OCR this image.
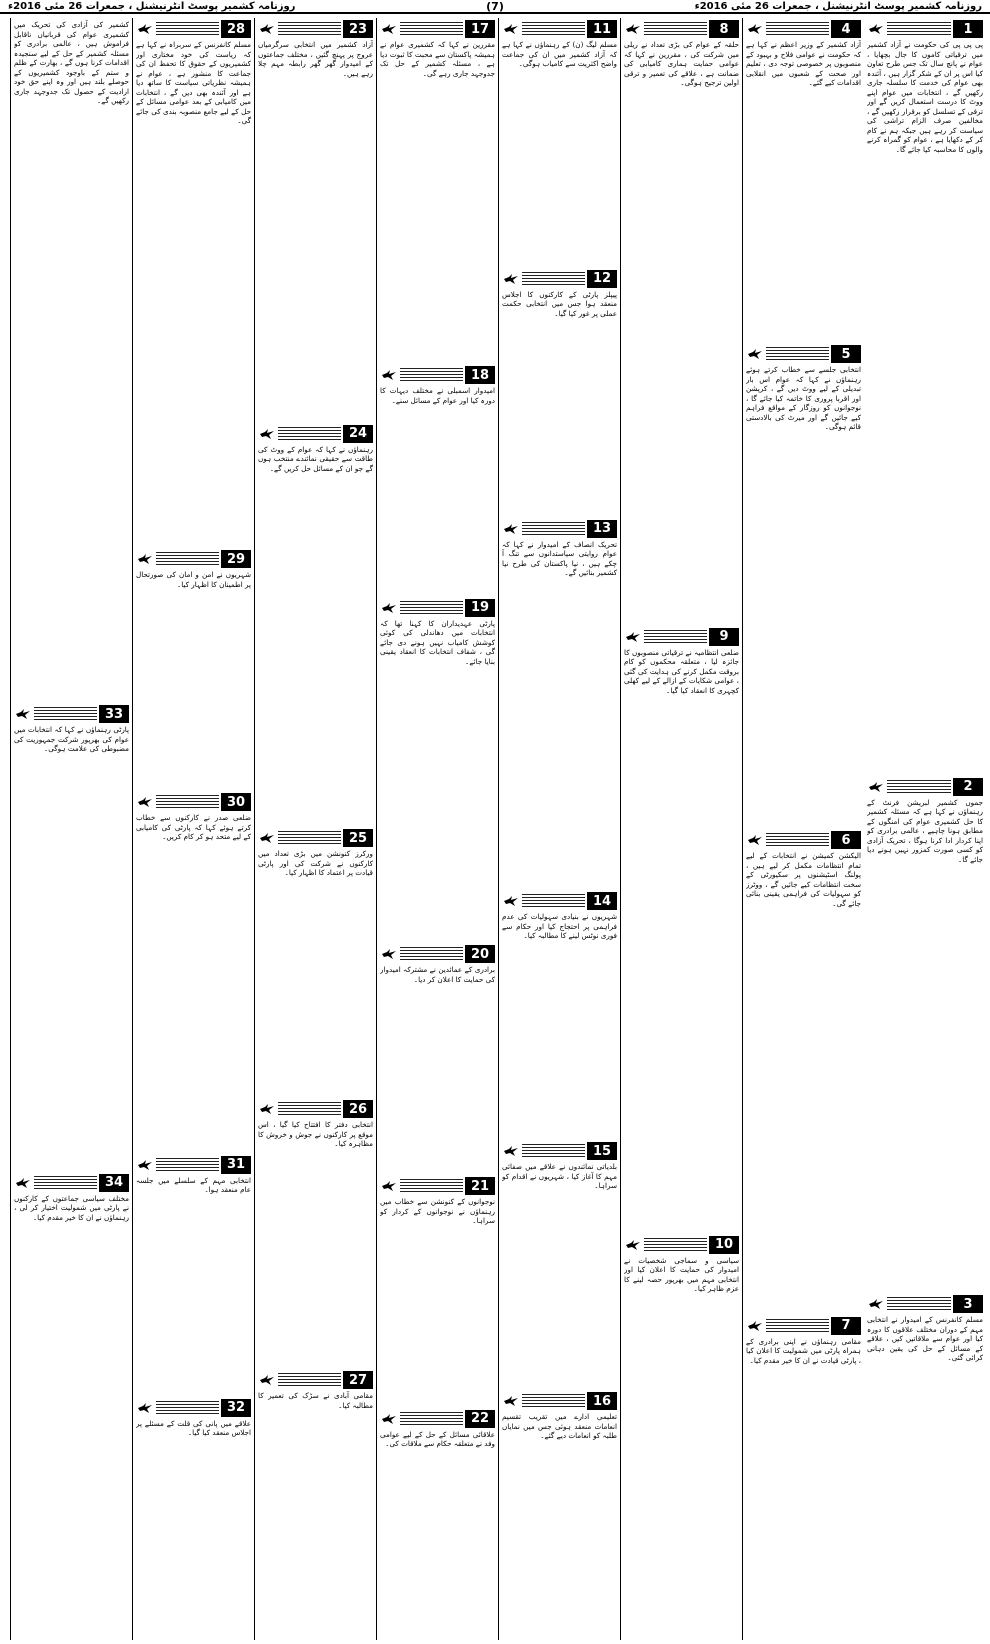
روزنامہ کشمیر پوسٹ انٹرنیشنل ، جمعرات 26 مئی 2016ء	(7)	روزنامہ کشمیر پوسٹ انٹرنیشنل ، جمعرات 26 مئی 2016ء
1
پی پی پی کی حکومت نے آزاد کشمیر میں ترقیاتی کاموں کا جال بچھایا ، عوام نے پانچ سال تک جس طرح تعاون کیا اس پر ان کے شکر گزار ہیں ، آئندہ بھی عوام کی خدمت کا سلسلہ جاری رکھیں گے ، انتخابات میں عوام اپنے ووٹ کا درست استعمال کریں گے اور ترقی کے تسلسل کو برقرار رکھیں گے ، مخالفین صرف الزام تراشی کی سیاست کر رہے ہیں جبکہ ہم نے کام کر کے دکھایا ہے ، عوام کو گمراہ کرنے والوں کا محاسبہ کیا جائے گا۔
2
جموں کشمیر لبریشن فرنٹ کے رہنماؤں نے کہا ہے کہ مسئلہ کشمیر کا حل کشمیری عوام کی امنگوں کے مطابق ہونا چاہیے ، عالمی برادری کو اپنا کردار ادا کرنا ہوگا ، تحریک آزادی کو کسی صورت کمزور نہیں ہونے دیا جائے گا۔
3
مسلم کانفرنس کے امیدوار نے انتخابی مہم کے دوران مختلف علاقوں کا دورہ کیا اور عوام سے ملاقاتیں کیں ، علاقے کے مسائل کے حل کی یقین دہانی کرائی گئی۔
4
آزاد کشمیر کے وزیر اعظم نے کہا ہے کہ حکومت نے عوامی فلاح و بہبود کے منصوبوں پر خصوصی توجہ دی ، تعلیم اور صحت کے شعبوں میں انقلابی اقدامات کیے گئے۔
5
انتخابی جلسے سے خطاب کرتے ہوئے رہنماؤں نے کہا کہ عوام اس بار تبدیلی کے لیے ووٹ دیں گے ، کرپشن اور اقربا پروری کا خاتمہ کیا جائے گا ، نوجوانوں کو روزگار کے مواقع فراہم کیے جائیں گے اور میرٹ کی بالادستی قائم ہوگی۔
6
الیکشن کمیشن نے انتخابات کے لیے تمام انتظامات مکمل کر لیے ہیں ، پولنگ اسٹیشنوں پر سکیورٹی کے سخت انتظامات کیے جائیں گے ، ووٹرز کو سہولیات کی فراہمی یقینی بنائی جائے گی۔
7
مقامی رہنماؤں نے اپنی برادری کے ہمراہ پارٹی میں شمولیت کا اعلان کیا ، پارٹی قیادت نے ان کا خیر مقدم کیا۔
8
حلقہ کے عوام کی بڑی تعداد نے ریلی میں شرکت کی ، مقررین نے کہا کہ عوامی حمایت ہماری کامیابی کی ضمانت ہے ، علاقے کی تعمیر و ترقی اولین ترجیح ہوگی۔
9
ضلعی انتظامیہ نے ترقیاتی منصوبوں کا جائزہ لیا ، متعلقہ محکموں کو کام بروقت مکمل کرنے کی ہدایت کی گئی ، عوامی شکایات کے ازالے کے لیے کھلی کچہری کا انعقاد کیا گیا۔
10
سیاسی و سماجی شخصیات نے امیدوار کی حمایت کا اعلان کیا اور انتخابی مہم میں بھرپور حصہ لینے کا عزم ظاہر کیا۔
11
مسلم لیگ (ن) کے رہنماؤں نے کہا ہے کہ آزاد کشمیر میں ان کی جماعت واضح اکثریت سے کامیاب ہوگی۔
12
پیپلز پارٹی کے کارکنوں کا اجلاس منعقد ہوا جس میں انتخابی حکمت عملی پر غور کیا گیا۔
13
تحریک انصاف کے امیدوار نے کہا کہ عوام روایتی سیاستدانوں سے تنگ آ چکے ہیں ، نیا پاکستان کی طرح نیا کشمیر بنائیں گے۔
14
شہریوں نے بنیادی سہولیات کی عدم فراہمی پر احتجاج کیا اور حکام سے فوری نوٹس لینے کا مطالبہ کیا۔
15
بلدیاتی نمائندوں نے علاقے میں صفائی مہم کا آغاز کیا ، شہریوں نے اقدام کو سراہا۔
16
تعلیمی ادارے میں تقریب تقسیم انعامات منعقد ہوئی جس میں نمایاں طلبہ کو انعامات دیے گئے۔
17
مقررین نے کہا کہ کشمیری عوام نے ہمیشہ پاکستان سے محبت کا ثبوت دیا ہے ، مسئلہ کشمیر کے حل تک جدوجہد جاری رہے گی۔
18
امیدوار اسمبلی نے مختلف دیہات کا دورہ کیا اور عوام کے مسائل سنے۔
19
پارٹی عہدیداران کا کہنا تھا کہ انتخابات میں دھاندلی کی کوئی کوشش کامیاب نہیں ہونے دی جائے گی ، شفاف انتخابات کا انعقاد یقینی بنایا جائے۔
20
برادری کے عمائدین نے مشترکہ امیدوار کی حمایت کا اعلان کر دیا۔
21
نوجوانوں کے کنونشن سے خطاب میں رہنماؤں نے نوجوانوں کے کردار کو سراہا۔
22
علاقائی مسائل کے حل کے لیے عوامی وفد نے متعلقہ حکام سے ملاقات کی۔
23
آزاد کشمیر میں انتخابی سرگرمیاں عروج پر پہنچ گئیں ، مختلف جماعتوں کے امیدوار گھر گھر رابطہ مہم چلا رہے ہیں۔
24
رہنماؤں نے کہا کہ عوام کے ووٹ کی طاقت سے حقیقی نمائندے منتخب ہوں گے جو ان کے مسائل حل کریں گے۔
25
ورکرز کنونشن میں بڑی تعداد میں کارکنوں نے شرکت کی اور پارٹی قیادت پر اعتماد کا اظہار کیا۔
26
انتخابی دفتر کا افتتاح کیا گیا ، اس موقع پر کارکنوں نے جوش و خروش کا مظاہرہ کیا۔
27
مقامی آبادی نے سڑک کی تعمیر کا مطالبہ کیا۔
28
مسلم کانفرنس کے سربراہ نے کہا ہے کہ ریاست کی خود مختاری اور کشمیریوں کے حقوق کا تحفظ ان کی جماعت کا منشور ہے ، عوام نے ہمیشہ نظریاتی سیاست کا ساتھ دیا ہے اور آئندہ بھی دیں گے ، انتخابات میں کامیابی کے بعد عوامی مسائل کے حل کے لیے جامع منصوبہ بندی کی جائے گی۔
29
شہریوں نے امن و امان کی صورتحال پر اطمینان کا اظہار کیا۔
30
ضلعی صدر نے کارکنوں سے خطاب کرتے ہوئے کہا کہ پارٹی کی کامیابی کے لیے متحد ہو کر کام کریں۔
31
انتخابی مہم کے سلسلے میں جلسہ عام منعقد ہوا۔
32
علاقے میں پانی کی قلت کے مسئلے پر اجلاس منعقد کیا گیا۔
کشمیر کی آزادی کی تحریک میں کشمیری عوام کی قربانیاں ناقابل فراموش ہیں ، عالمی برادری کو مسئلہ کشمیر کے حل کے لیے سنجیدہ اقدامات کرنا ہوں گے ، بھارت کے ظلم و ستم کے باوجود کشمیریوں کے حوصلے بلند ہیں اور وہ اپنے حق خود ارادیت کے حصول تک جدوجہد جاری رکھیں گے۔
33
پارٹی رہنماؤں نے کہا کہ انتخابات میں عوام کی بھرپور شرکت جمہوریت کی مضبوطی کی علامت ہوگی۔
34
مختلف سیاسی جماعتوں کے کارکنوں نے پارٹی میں شمولیت اختیار کر لی ، رہنماؤں نے ان کا خیر مقدم کیا۔
